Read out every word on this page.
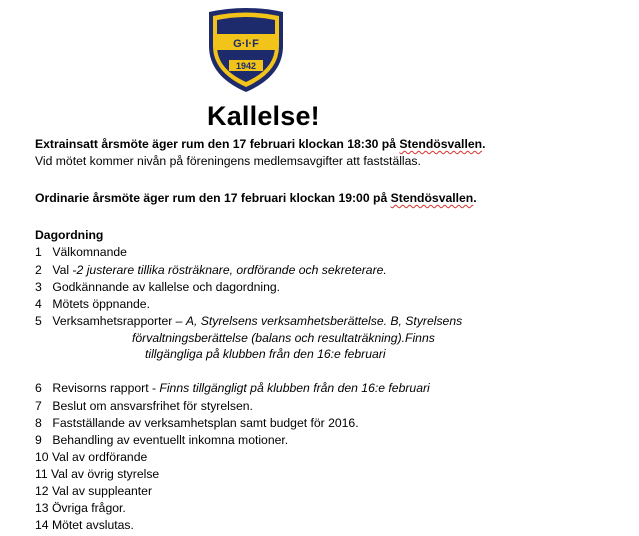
G·I·F
1942
Kallelse!
Extrainsatt årsmöte äger rum den 17 februari klockan 18:30 på Stendösvallen.
Vid mötet kommer nivån på föreningens medlemsavgifter att fastställas.
Ordinarie årsmöte äger rum den 17 februari klockan 19:00 på Stendösvallen.
Dagordning
1 Välkomnande
2 Val -2 justerare tillika rösträknare, ordförande och sekreterare.
3 Godkännande av kallelse och dagordning.
4 Mötets öppnande.
5 Verksamhetsrapporter – A, Styrelsens verksamhetsberättelse. B, Styrelsens
förvaltningsberättelse (balans och resultaträkning).Finns
tillgängliga på klubben från den 16:e februari
6 Revisorns rapport - Finns tillgängligt på klubben från den 16:e februari
7 Beslut om ansvarsfrihet för styrelsen.
8 Fastställande av verksamhetsplan samt budget för 2016.
9 Behandling av eventuellt inkomna motioner.
10 Val av ordförande
11 Val av övrig styrelse
12 Val av suppleanter
13 Övriga frågor.
14 Mötet avslutas.
